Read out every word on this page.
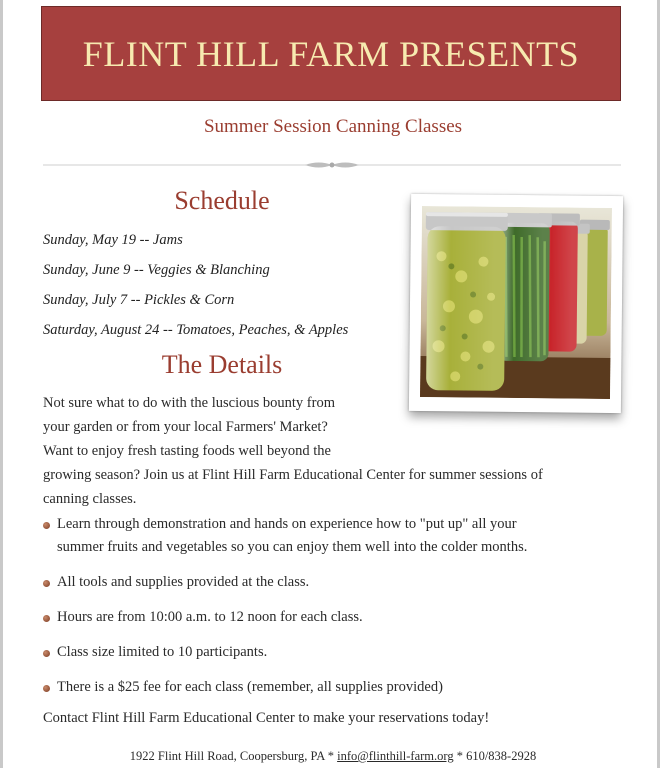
FLINT HILL FARM PRESENTS
Summer Session Canning Classes
Schedule
Sunday, May 19 -- Jams
Sunday, June 9 -- Veggies & Blanching
Sunday, July 7 -- Pickles & Corn
Saturday, August 24 -- Tomatoes, Peaches, & Apples
The Details
Not sure what to do with the luscious bounty from
your garden or from your local Farmers' Market?
Want to enjoy fresh tasting foods well beyond the
growing season? Join us at Flint Hill Farm Educational Center for summer sessions of
canning classes.
Learn through demonstration and hands on experience how to "put up" all your
summer fruits and vegetables so you can enjoy them well into the colder months.
All tools and supplies provided at the class.
Hours are from 10:00 a.m. to 12 noon for each class.
Class size limited to 10 participants.
There is a $25 fee for each class (remember, all supplies provided)
Contact Flint Hill Farm Educational Center to make your reservations today!
1922 Flint Hill Road, Coopersburg, PA * info@flinthill-farm.org * 610/838-2928
